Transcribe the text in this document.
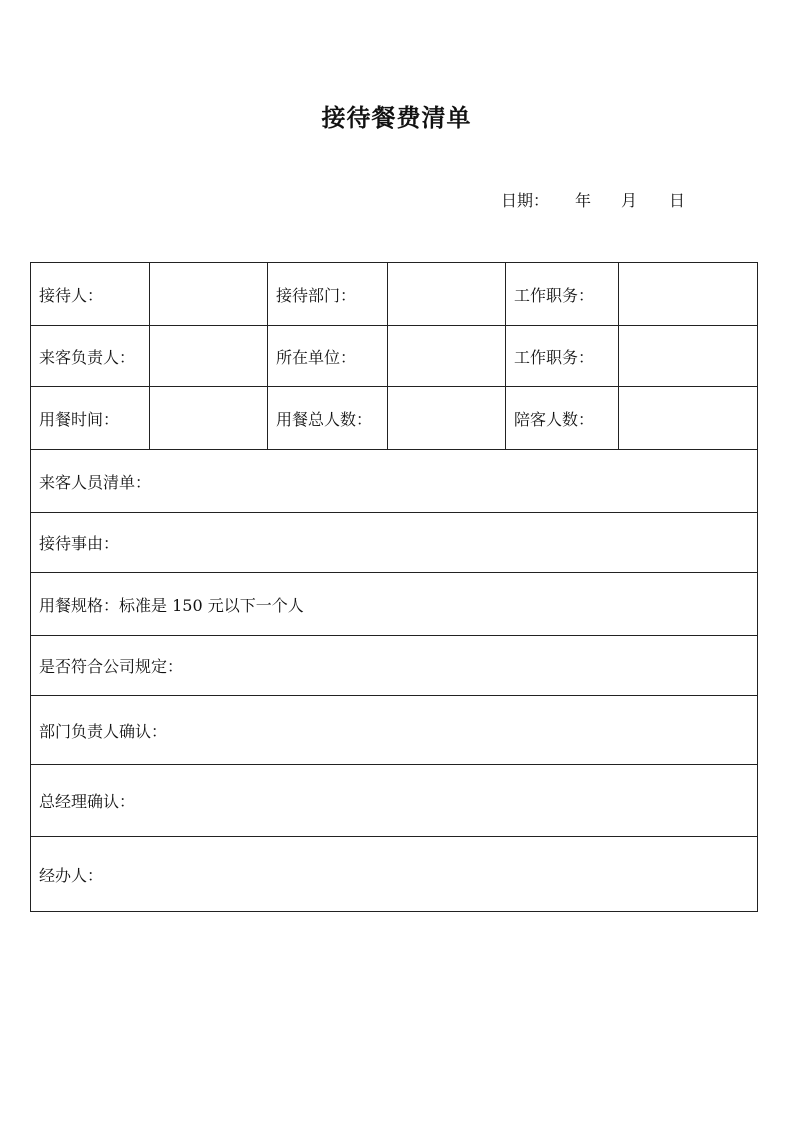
接待餐费清单
日期： 年 月 日
接待人：		接待部门：		工作职务：	
来客负责人：		所在单位：		工作职务：	
用餐时间：		用餐总人数：		陪客人数：	
来客人员清单：					
接待事由：					
用餐规格：标准是 150 元以下一个人					
是否符合公司规定：					
部门负责人确认：					
总经理确认：					
经办人：					
